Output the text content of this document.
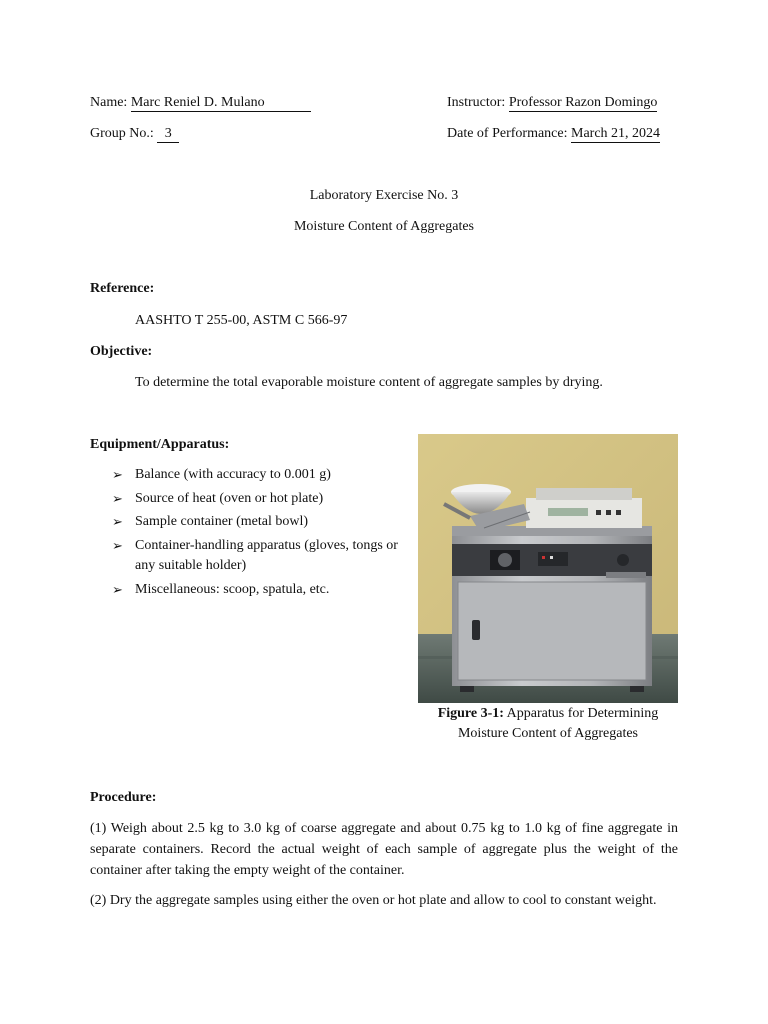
Name: Marc Reniel D. Mulano
Group No.: 3
Instructor: Professor Razon Domingo
Date of Performance: March 21, 2024
Laboratory Exercise No. 3
Moisture Content of Aggregates
Reference:
AASHTO T 255-00, ASTM C 566-97
Objective:
To determine the total evaporable moisture content of aggregate samples by drying.
Equipment/Apparatus:
➢ Balance (with accuracy to 0.001 g)
➢ Source of heat (oven or hot plate)
➢ Sample container (metal bowl)
➢ Container-handling apparatus (gloves, tongs or any suitable holder)
➢ Miscellaneous: scoop, spatula, etc.
Figure 3-1: Apparatus for Determining Moisture Content of Aggregates
Procedure:
(1) Weigh about 2.5 kg to 3.0 kg of coarse aggregate and about 0.75 kg to 1.0 kg of fine aggregate in separate containers. Record the actual weight of each sample of aggregate plus the weight of the container after taking the empty weight of the container.
(2) Dry the aggregate samples using either the oven or hot plate and allow to cool to constant weight.
